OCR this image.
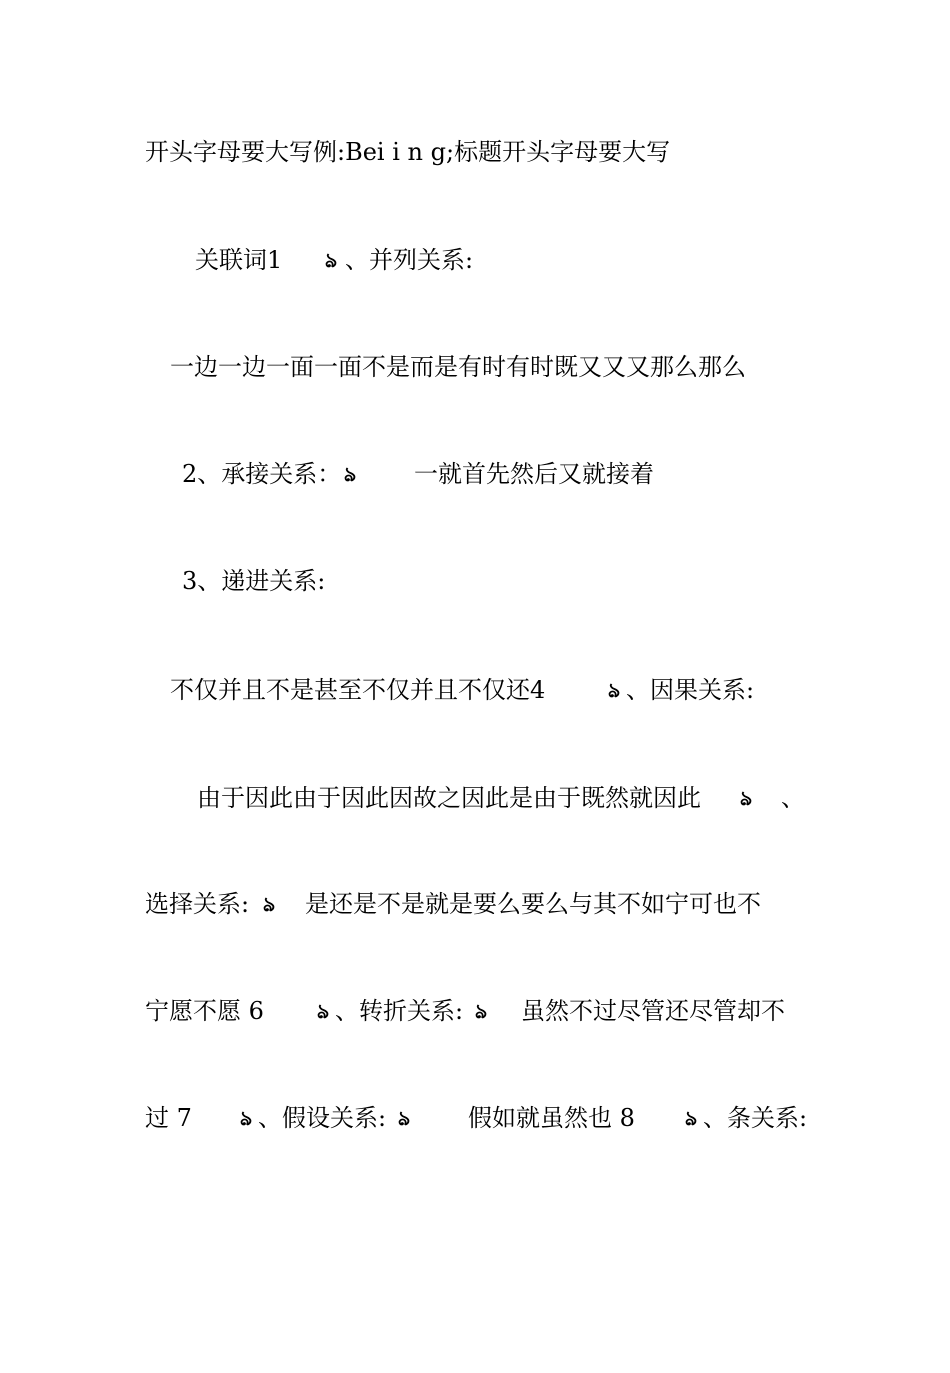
开头字母要大写例:Bei i n g;标题开头字母要大写

关联词1

ঌ

、并列关系:

一边一边一面一面不是而是有时有时既又又又那么那么

2、承接关系：

ঌ

一就首先然后又就接着

3、递进关系:

不仅并且不是甚至不仅并且不仅还4

	ঌ

、因果关系:

由于因此由于因此因故之因此是由于既然就因此

ঌ

、

选择关系:

ঌ

是还是不是就是要么要么与其不如宁可也不

宁愿不愿 6

	ঌ

、转折关系:

ঌ

虽然不过尽管还尽管却不

过 7

ঌ

、假设关系:

ঌ

假如就虽然也 8

	ঌ

、条关系:
